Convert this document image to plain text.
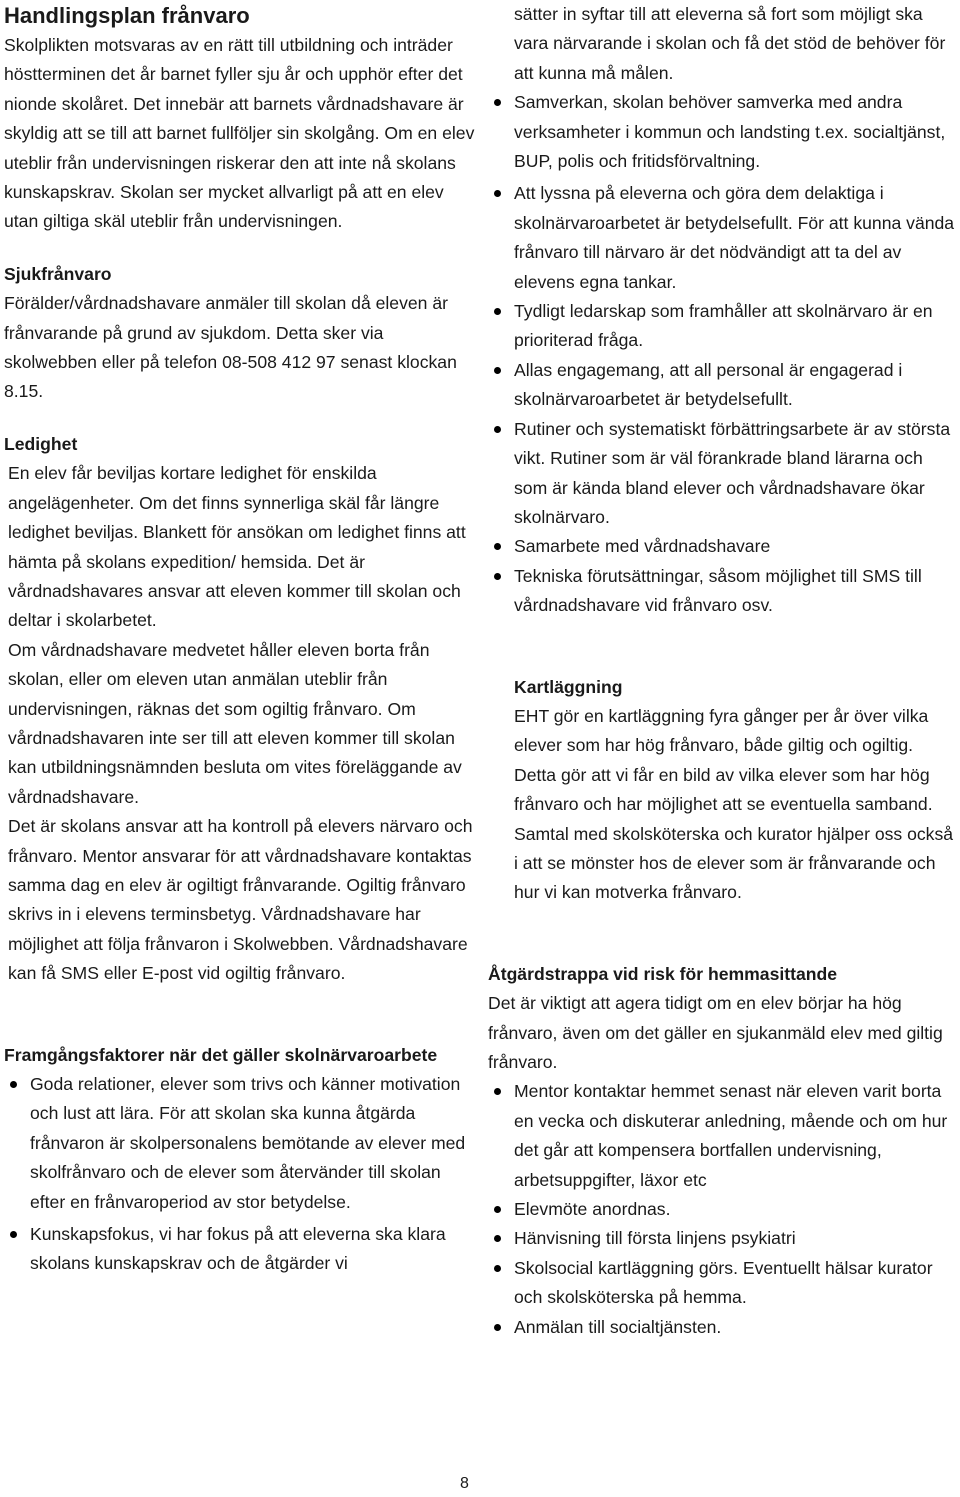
Handlingsplan frånvaro

Skolplikten motsvaras av en rätt till utbildning och inträder höstterminen det år barnet fyller sju år och upphör efter det nionde skolåret. Det innebär att barnets vårdnadshavare är skyldig att se till att barnet fullföljer sin skolgång. Om en elev uteblir från undervisningen riskerar den att inte nå skolans kunskapskrav. Skolan ser mycket allvarligt på att en elev utan giltiga skäl uteblir från undervisningen.

Sjukfrånvaro

Förälder/vårdnadshavare anmäler till skolan då eleven är frånvarande på grund av sjukdom. Detta sker via skolwebben eller på telefon 08-508 412 97 senast klockan 8.15.

Ledighet

En elev får beviljas kortare ledighet för enskilda angelägenheter. Om det finns synnerliga skäl får längre ledighet beviljas. Blankett för ansökan om ledighet finns att hämta på skolans expedition/ hemsida. Det är vårdnadshavares ansvar att eleven kommer till skolan och deltar i skolarbetet.

Om vårdnadshavare medvetet håller eleven borta från skolan, eller om eleven utan anmälan uteblir från undervisningen, räknas det som ogiltig frånvaro. Om vårdnadshavaren inte ser till att eleven kommer till skolan kan utbildningsnämnden besluta om vites föreläggande av vårdnadshavare.

Det är skolans ansvar att ha kontroll på elevers närvaro och frånvaro. Mentor ansvarar för att vårdnadshavare kontaktas samma dag en elev är ogiltigt frånvarande. Ogiltig frånvaro skrivs in i elevens terminsbetyg. Vårdnadshavare har möjlighet att följa frånvaron i Skolwebben. Vårdnadshavare kan få SMS eller E-post vid ogiltig frånvaro.

Framgångsfaktorer när det gäller skolnärvaroarbete
Goda relationer, elever som trivs och känner motivation och lust att lära. För att skolan ska kunna åtgärda frånvaron är skolpersonalens bemötande av elever med skolfrånvaro och de elever som återvänder till skolan efter en frånvaroperiod av stor betydelse.
Kunskapsfokus, vi har fokus på att eleverna ska klara skolans kunskapskrav och de åtgärder vi

sätter in syftar till att eleverna så fort som möjligt ska vara närvarande i skolan och få det stöd de behöver för att kunna må målen.

Samverkan, skolan behöver samverka med andra verksamheter i kommun och landsting t.ex. socialtjänst, BUP, polis och fritidsförvaltning.
Att lyssna på eleverna och göra dem delaktiga i skolnärvaroarbetet är betydelsefullt. För att kunna vända frånvaro till närvaro är det nödvändigt att ta del av elevens egna tankar.
Tydligt ledarskap som framhåller att skolnärvaro är en prioriterad fråga.
Allas engagemang, att all personal är engagerad i skolnärvaroarbetet är betydelsefullt.
Rutiner och systematiskt förbättringsarbete är av största vikt. Rutiner som är väl förankrade bland lärarna och som är kända bland elever och vårdnadshavare ökar skolnärvaro.
Samarbete med vårdnadshavare
Tekniska förutsättningar, såsom möjlighet till SMS till vårdnadshavare vid frånvaro osv.
Kartläggning

EHT gör en kartläggning fyra gånger per år över vilka elever som har hög frånvaro, både giltig och ogiltig. Detta gör att vi får en bild av vilka elever som har hög frånvaro och har möjlighet att se eventuella samband. Samtal med skolsköterska och kurator hjälper oss också i att se mönster hos de elever som är frånvarande och hur vi kan motverka frånvaro.

Åtgärdstrappa vid risk för hemmasittande

Det är viktigt att agera tidigt om en elev börjar ha hög frånvaro, även om det gäller en sjukanmäld elev med giltig frånvaro.

Mentor kontaktar hemmet senast när eleven varit borta en vecka och diskuterar anledning, mående och om hur det går att kompensera bortfallen undervisning, arbetsuppgifter, läxor etc
Elevmöte anordnas.
Hänvisning till första linjens psykiatri
Skolsocial kartläggning görs. Eventuellt hälsar kurator och skolsköterska på hemma.
Anmälan till socialtjänsten.
8
